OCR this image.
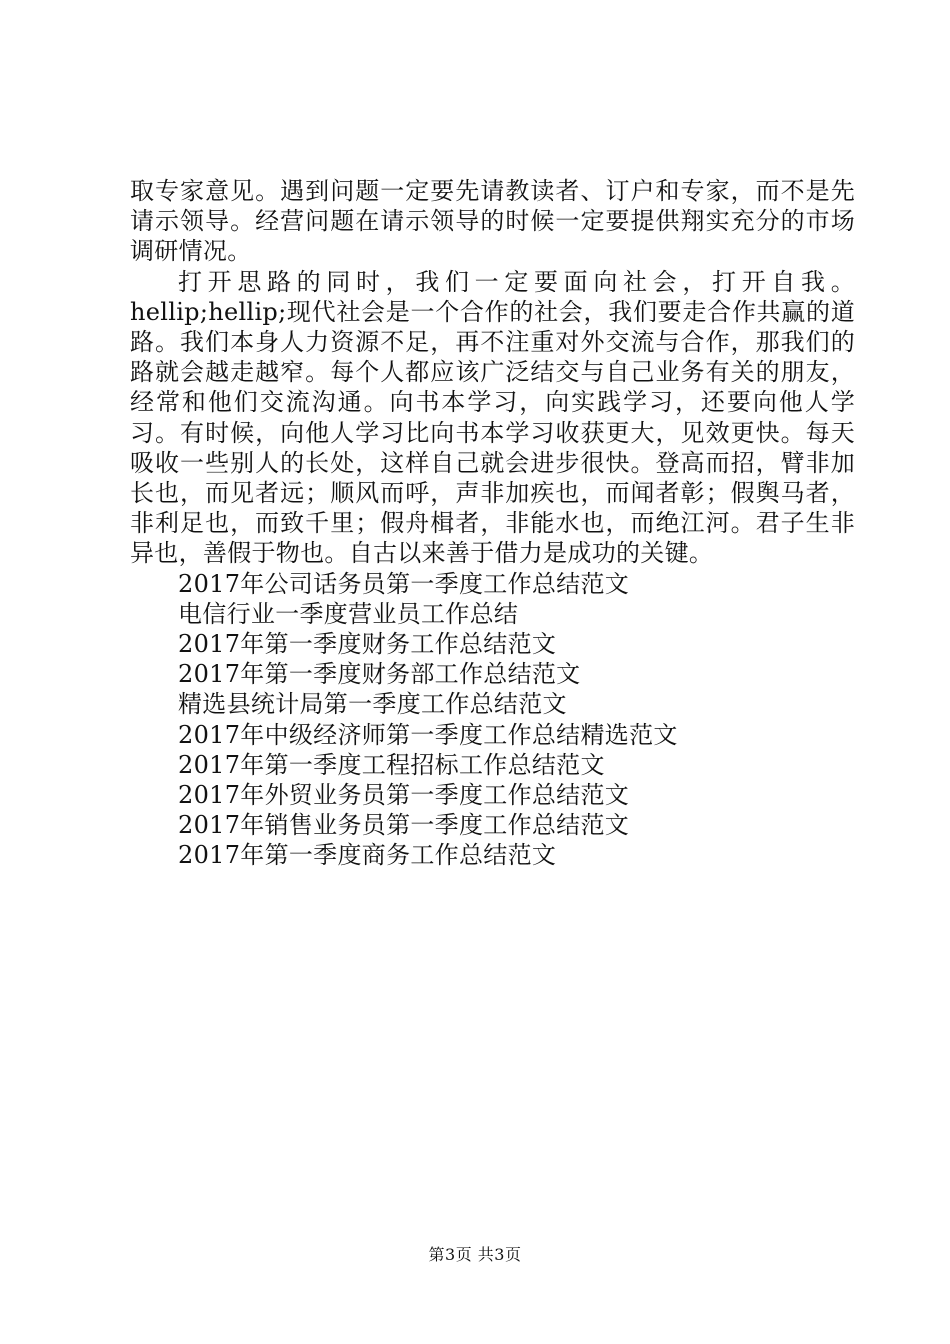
取专家意见。遇到问题一定要先请教读者、订户和专家，而不是先请示领导。经营问题在请示领导的时候一定要提供翔实充分的市场调研情况。

打开思路的同时，我们一定要面向社会，打开自我。hellip;hellip;现代社会是一个合作的社会，我们要走合作共赢的道路。我们本身人力资源不足，再不注重对外交流与合作，那我们的路就会越走越窄。每个人都应该广泛结交与自己业务有关的朋友，经常和他们交流沟通。向书本学习，向实践学习，还要向他人学习。有时候，向他人学习比向书本学习收获更大，见效更快。每天吸收一些别人的长处，这样自己就会进步很快。登高而招，臂非加长也，而见者远；顺风而呼，声非加疾也，而闻者彰；假舆马者，非利足也，而致千里；假舟楫者，非能水也，而绝江河。君子生非异也，善假于物也。自古以来善于借力是成功的关键。

2017年公司话务员第一季度工作总结范文
电信行业一季度营业员工作总结
2017年第一季度财务工作总结范文
2017年第一季度财务部工作总结范文
精选县统计局第一季度工作总结范文
2017年中级经济师第一季度工作总结精选范文
2017年第一季度工程招标工作总结范文
2017年外贸业务员第一季度工作总结范文
2017年销售业务员第一季度工作总结范文
2017年第一季度商务工作总结范文
第3页 共3页
